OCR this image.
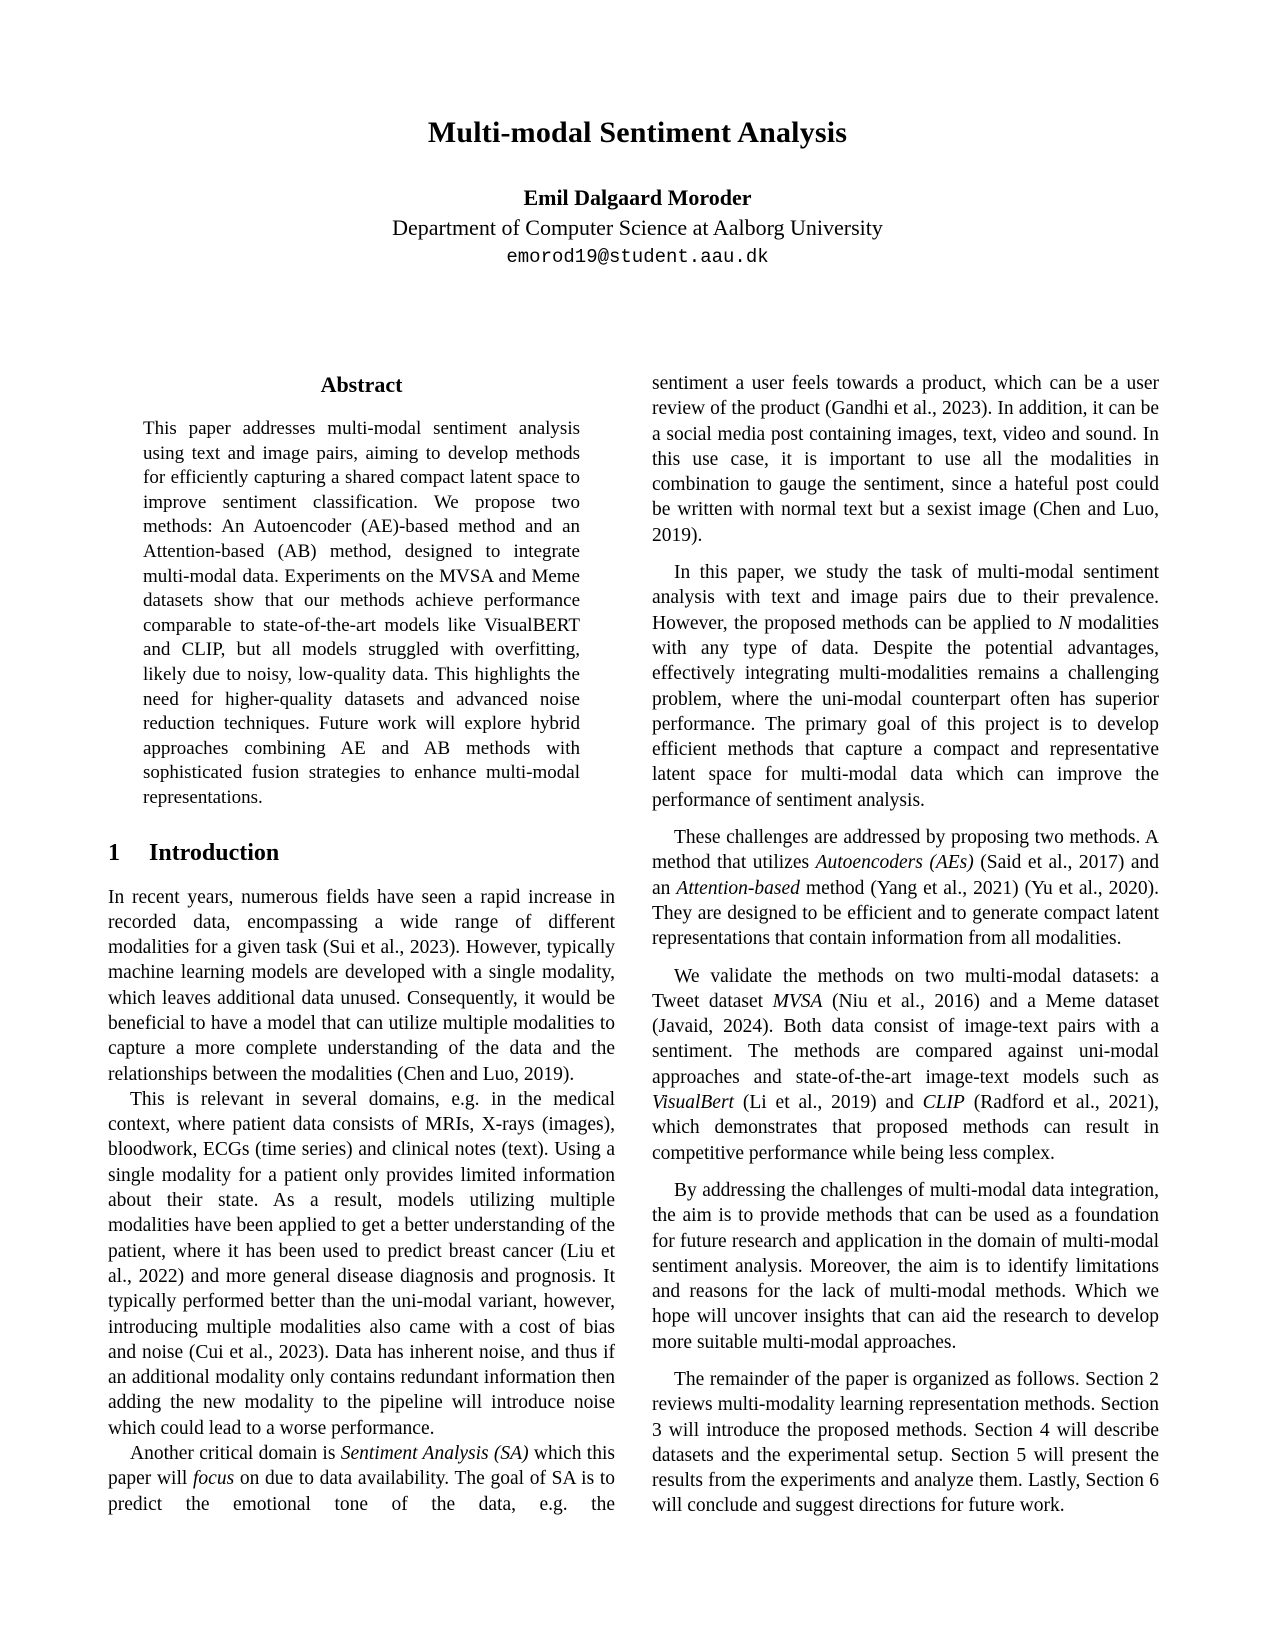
Multi-modal Sentiment Analysis
Emil Dalgaard Moroder
Department of Computer Science at Aalborg University
emorod19@student.aau.dk
Abstract
This paper addresses multi-modal sentiment analysis using text and image pairs, aiming to develop methods for efficiently capturing a shared compact latent space to improve sentiment classification. We propose two methods: An Autoencoder (AE)-based method and an Attention-based (AB) method, designed to integrate multi-modal data. Experiments on the MVSA and Meme datasets show that our methods achieve performance comparable to state-of-the-art models like VisualBERT and CLIP, but all models struggled with overfitting, likely due to noisy, low-quality data. This highlights the need for higher-quality datasets and advanced noise reduction techniques. Future work will explore hybrid approaches combining AE and AB methods with sophisticated fusion strategies to enhance multi-modal representations.
1 Introduction

In recent years, numerous fields have seen a rapid increase in recorded data, encompassing a wide range of different modalities for a given task (Sui et al., 2023). However, typically machine learning models are developed with a single modality, which leaves additional data unused. Consequently, it would be beneficial to have a model that can utilize multiple modalities to capture a more complete understanding of the data and the relationships between the modalities (Chen and Luo, 2019).

This is relevant in several domains, e.g. in the medical context, where patient data consists of MRIs, X-rays (images), bloodwork, ECGs (time series) and clinical notes (text). Using a single modality for a patient only provides limited information about their state. As a result, models utilizing multiple modalities have been applied to get a better understanding of the patient, where it has been used to predict breast cancer (Liu et al., 2022) and more general disease diagnosis and prognosis. It typically performed better than the uni-modal variant, however, introducing multiple modalities also came with a cost of bias and noise (Cui et al., 2023). Data has inherent noise, and thus if an additional modality only contains redundant information then adding the new modality to the pipeline will introduce noise which could lead to a worse performance.

Another critical domain is Sentiment Analysis (SA) which this paper will focus on due to data availability. The goal of SA is to predict the emotional tone of the data, e.g. the

sentiment a user feels towards a product, which can be a user review of the product (Gandhi et al., 2023). In addition, it can be a social media post containing images, text, video and sound. In this use case, it is important to use all the modalities in combination to gauge the sentiment, since a hateful post could be written with normal text but a sexist image (Chen and Luo, 2019).

In this paper, we study the task of multi-modal sentiment analysis with text and image pairs due to their prevalence. However, the proposed methods can be applied to N modalities with any type of data. Despite the potential advantages, effectively integrating multi-modalities remains a challenging problem, where the uni-modal counterpart often has superior performance. The primary goal of this project is to develop efficient methods that capture a compact and representative latent space for multi-modal data which can improve the performance of sentiment analysis.

These challenges are addressed by proposing two methods. A method that utilizes Autoencoders (AEs) (Said et al., 2017) and an Attention-based method (Yang et al., 2021) (Yu et al., 2020). They are designed to be efficient and to generate compact latent representations that contain information from all modalities.

We validate the methods on two multi-modal datasets: a Tweet dataset MVSA (Niu et al., 2016) and a Meme dataset (Javaid, 2024). Both data consist of image-text pairs with a sentiment. The methods are compared against uni-modal approaches and state-of-the-art image-text models such as VisualBert (Li et al., 2019) and CLIP (Radford et al., 2021), which demonstrates that proposed methods can result in competitive performance while being less complex.

By addressing the challenges of multi-modal data integration, the aim is to provide methods that can be used as a foundation for future research and application in the domain of multi-modal sentiment analysis. Moreover, the aim is to identify limitations and reasons for the lack of multi-modal methods. Which we hope will uncover insights that can aid the research to develop more suitable multi-modal approaches.

The remainder of the paper is organized as follows. Section 2 reviews multi-modality learning representation methods. Section 3 will introduce the proposed methods. Section 4 will describe datasets and the experimental setup. Section 5 will present the results from the experiments and analyze them. Lastly, Section 6 will conclude and suggest directions for future work.
